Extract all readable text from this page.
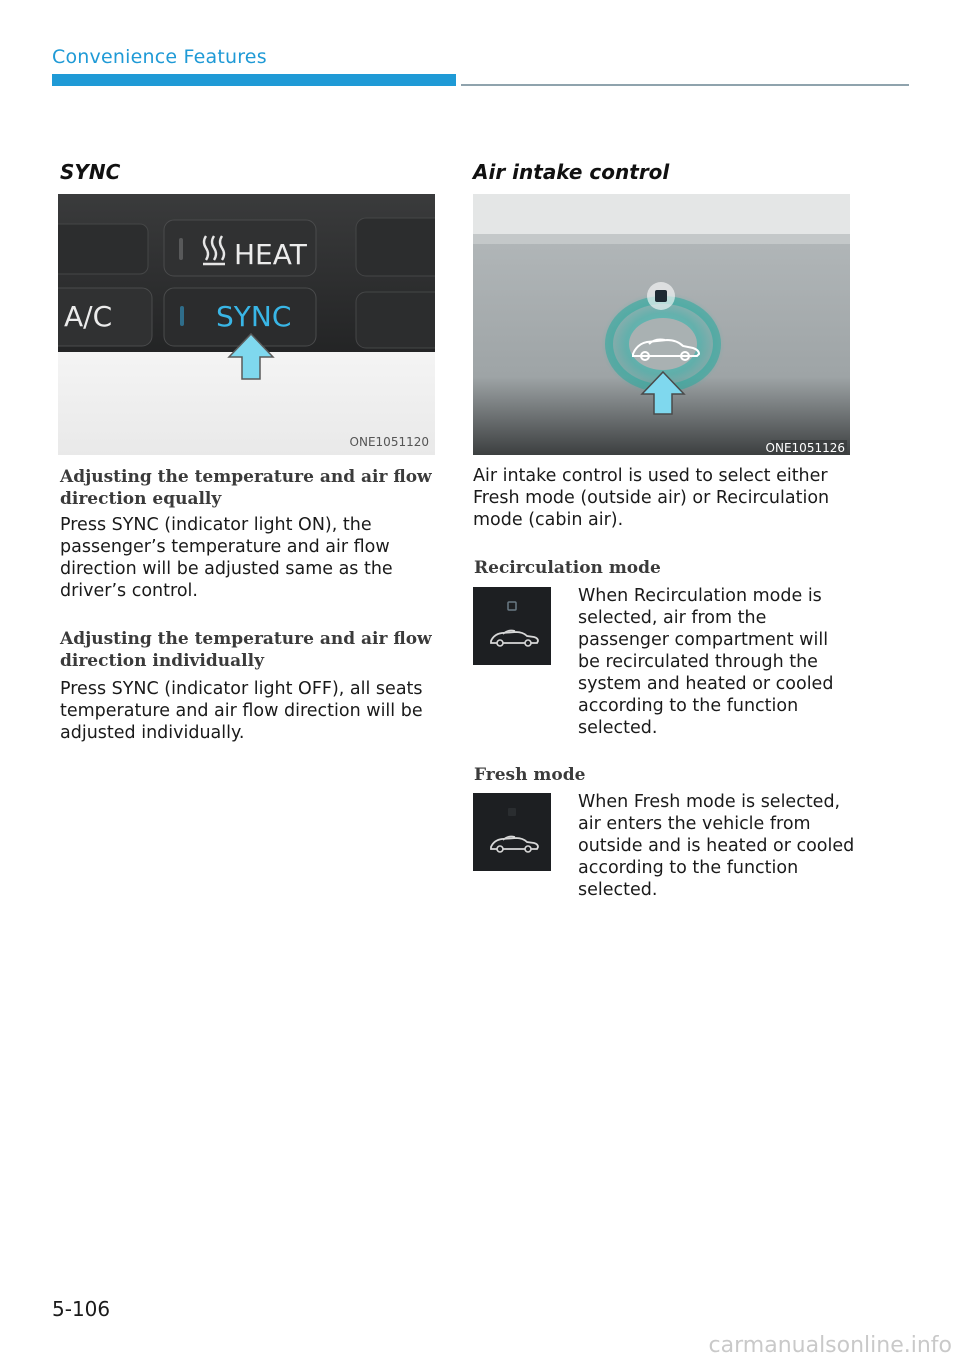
Convenience Features
SYNC
HEAT
SYNC
A/C
ONE1051120
Adjusting the temperature and air flow direction equally
Press SYNC (indicator light ON), the passenger’s temperature and air flow direction will be adjusted same as the driver’s control.
Adjusting the temperature and air flow direction individually
Press SYNC (indicator light OFF), all seats temperature and air flow direction will be adjusted individually.
Air intake control
ONE1051126
Air intake control is used to select either Fresh mode (outside air) or Recirculation mode (cabin air).
Recirculation mode
When Recirculation mode is selected, air from the passenger compartment will be recirculated through the system and heated or cooled according to the function selected.
Fresh mode
When Fresh mode is selected, air enters the vehicle from outside and is heated or cooled according to the function selected.
5-106
carmanualsonline.info
